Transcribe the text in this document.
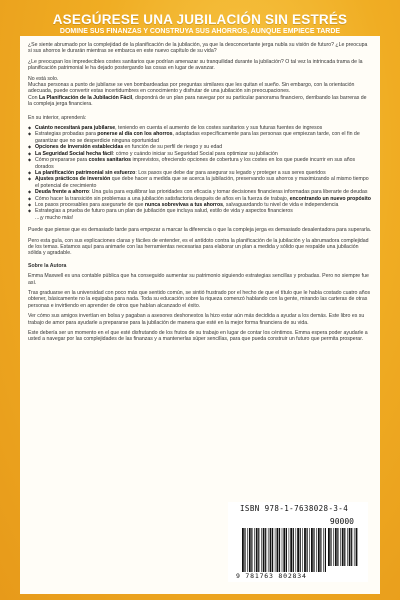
ASEGÚRESE UNA JUBILACIÓN SIN ESTRÉS
DOMINE SUS FINANZAS Y CONSTRUYA SUS AHORROS, AUNQUE EMPIECE TARDE

¿Se siente abrumado por la complejidad de la planificación de la jubilación, ya que la desconcertante jerga nubla su visión de futuro? ¿Le preocupa si sus ahorros le durarán mientras se embarca en este nuevo capítulo de su vida?

¿Le preocupan los impredecibles costes sanitarios que podrían amenazar su tranquilidad durante la jubilación? O tal vez la intrincada trama de la planificación patrimonial le ha dejado postergando las cosas en lugar de avanzar.

No está solo.
Muchas personas a punto de jubilarse se ven bombardeadas por preguntas similares que les quitan el sueño. Sin embargo, con la orientación adecuada, puede convertir estas incertidumbres en conocimiento y disfrutar de una jubilación sin preocupaciones.
Con La Planificación de la Jubilación Fácil, dispondrá de un plan para navegar por su particular panorama financiero, derribando las barreras de la compleja jerga financiera.

En su interior, aprenderá:

◆ Cuánto necesitará para jubilarse, teniendo en cuenta el aumento de los costes sanitarios y sus futuras fuentes de ingresos
◆ Estrategias probadas para ponerse al día con los ahorros, adaptadas específicamente para las personas que empiezan tarde, con el fin de garantizar que no se desperdicie ninguna oportunidad
◆ Opciones de inversión establecidas en función de su perfil de riesgo y su edad
◆ La Seguridad Social hecha fácil: cómo y cuándo iniciar su Seguridad Social para optimizar su jubilación
◆ Cómo prepararse para costes sanitarios imprevistos, ofreciendo opciones de cobertura y los costes en los que puede incurrir en sus años dorados
◆ La planificación patrimonial sin esfuerzo: Los pasos que debe dar para asegurar su legado y proteger a sus seres queridos
◆ Ajustes prácticos de inversión que debe hacer a medida que se acerca la jubilación, preservando sus ahorros y maximizando al mismo tiempo el potencial de crecimiento
◆ Deuda frente a ahorro: Una guía para equilibrar las prioridades con eficacia y tomar decisiones financieras informadas para liberarte de deudas
◆ Cómo hacer la transición sin problemas a una jubilación satisfactoria después de años en la fuerza de trabajo, encontrando un nuevo propósito
◆ Los pasos procesables para asegurarte de que nunca sobrevivas a tus ahorros, salvaguardando tu nivel de vida e independencia
◆ Estrategias a prueba de futuro para un plan de jubilación que incluya salud, estilo de vida y aspectos financieros

...¡y mucho más!

Puede que piense que es demasiado tarde para empezar a marcar la diferencia o que la compleja jerga es demasiado desalentadora para superarla.

Pero esta guía, con sus explicaciones claras y fáciles de entender, es el antídoto contra la planificación de la jubilación y la abrumadora complejidad de los temas. Estamos aquí para animarle con las herramientas necesarias para elaborar un plan a medida y sólido que respalde una jubilación sólida y agradable.

Sobre la Autora

Emma Maxwell es una contable pública que ha conseguido aumentar su patrimonio siguiendo estrategias sencillas y probadas. Pero no siempre fue así.

Tras graduarse en la universidad con poco más que sentido común, se sintió frustrado por el hecho de que el título que le había costado cuatro años obtener, básicamente no la equipaba para nada. Toda su educación sobre la riqueza comenzó hablando con la gente, mirando las carteras de otras personas e invirtiendo en aprender de otros que habían alcanzado el éxito.

Ver cómo sus amigos invertían en bolsa y pagaban a asesores deshonestos la hizo estar aún más decidida a ayudar a los demás. Este libro es su trabajo de amor para ayudarle a prepararse para la jubilación de manera que esté en la mejor forma financiera de su vida.

Este debería ser un momento en el que esté disfrutando de los frutos de su trabajo en lugar de contar los céntimos. Emma espera poder ayudarle a usted a navegar por las complejidades de las finanzas y a mantenerlas súper sencillas, para que pueda construir un futuro que permita prosperar.

ISBN 978-1-7638028-3-4
90000
9 781763 802834
